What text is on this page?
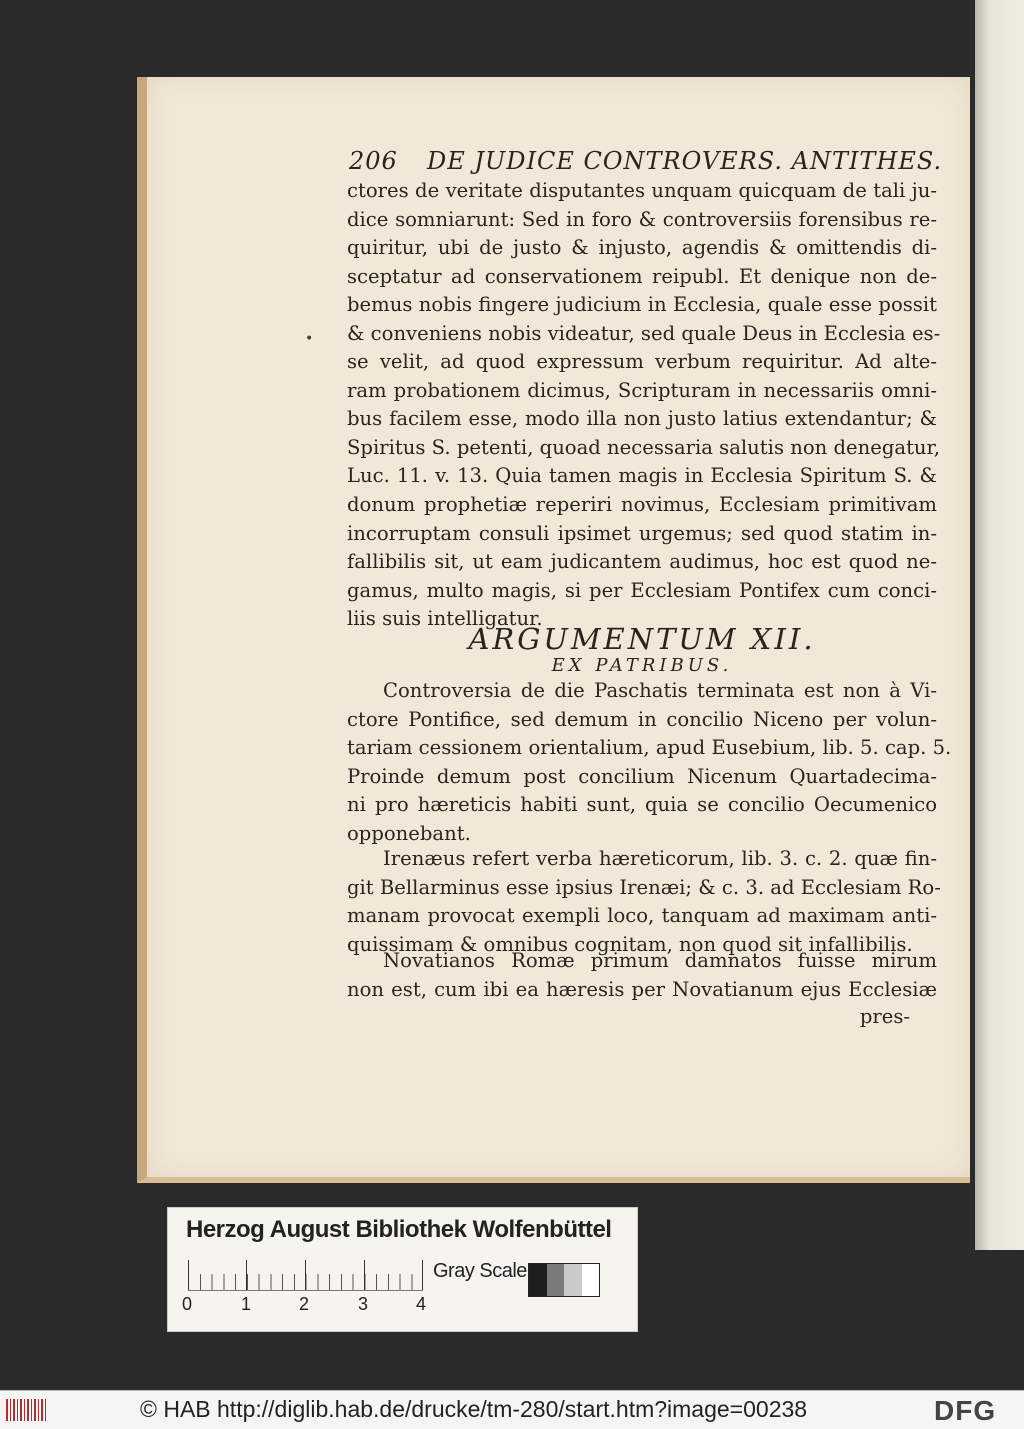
•
206 DE JUDICE CONTROVERS. ANTITHES.
ctores de veritate disputantes unquam quicquam de tali ju-
dice somniarunt: Sed in foro & controversiis forensibus re-
quiritur, ubi de justo & injusto, agendis & omittendis di-
sceptatur ad conservationem reipubl. Et denique non de-
bemus nobis fingere judicium in Ecclesia, quale esse possit
& conveniens nobis videatur, sed quale Deus in Ecclesia es-
se velit, ad quod expressum verbum requiritur. Ad alte-
ram probationem dicimus, Scripturam in necessariis omni-
bus facilem esse, modo illa non justo latius extendantur; &
Spiritus S. petenti, quoad necessaria salutis non denegatur,
Luc. 11. v. 13. Quia tamen magis in Ecclesia Spiritum S. &
donum prophetiæ reperiri novimus, Ecclesiam primitivam
incorruptam consuli ipsimet urgemus; sed quod statim in-
fallibilis sit, ut eam judicantem audimus, hoc est quod ne-
gamus, multo magis, si per Ecclesiam Pontifex cum conci-
liis suis intelligatur.
ARGUMENTUM XII.
EX PATRIBUS.
Controversia de die Paschatis terminata est non à Vi-
ctore Pontifice, sed demum in concilio Niceno per volun-
tariam cessionem orientalium, apud Eusebium, lib. 5. cap. 5.
Proinde demum post concilium Nicenum Quartadecima-
ni pro hæreticis habiti sunt, quia se concilio Oecumenico
opponebant.
Irenæus refert verba hæreticorum, lib. 3. c. 2. quæ fin-
git Bellarminus esse ipsius Irenæi; & c. 3. ad Ecclesiam Ro-
manam provocat exempli loco, tanquam ad maximam anti-
quissimam & omnibus cognitam, non quod sit infallibilis.
Novatianos Romæ primum damnatos fuisse mirum
non est, cum ibi ea hæresis per Novatianum ejus Ecclesiæ
pres-
Herzog August Bibliothek Wolfenbüttel
0	1	2	3	4
Gray Scale
© HAB http://diglib.hab.de/drucke/tm-280/start.htm?image=00238	DFG
